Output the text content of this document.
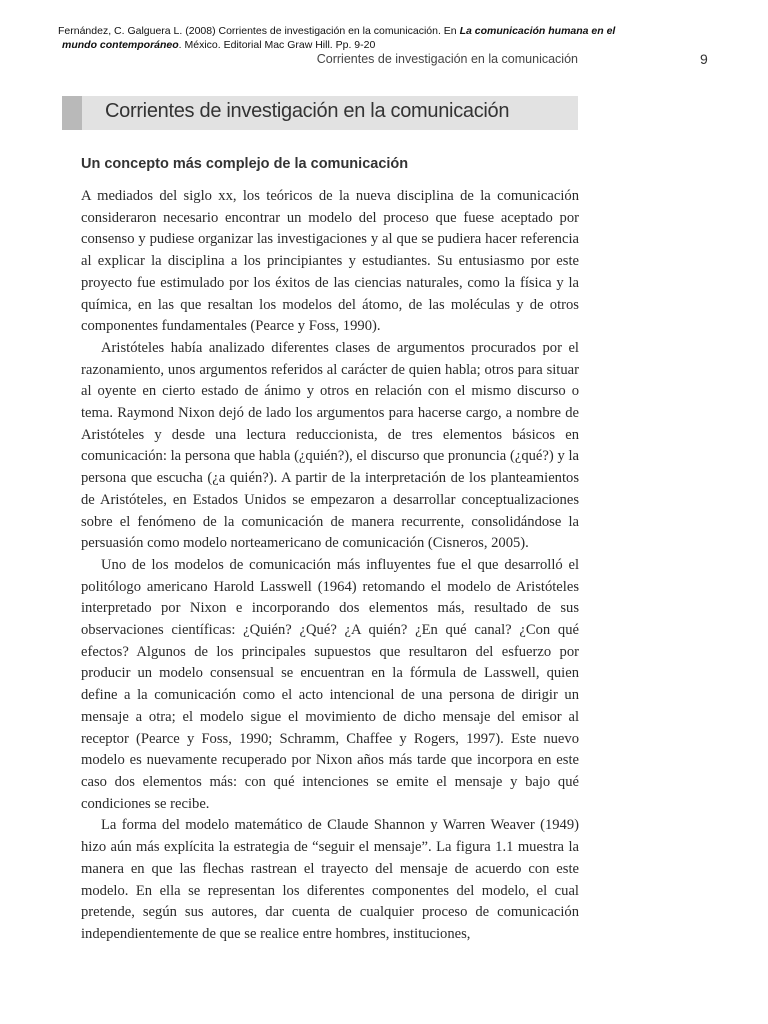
Fernández, C. Galguera L. (2008) Corrientes de investigación en la comunicación. En La comunicación humana en el
mundo contemporáneo. México. Editorial Mac Graw Hill. Pp. 9-20
Corrientes de investigación en la comunicación	9
Corrientes de investigación en la comunicación
Un concepto más complejo de la comunicación

A mediados del siglo xx, los teóricos de la nueva disciplina de la comunicación consideraron necesario encontrar un modelo del proceso que fuese aceptado por consenso y pudiese organizar las investigaciones y al que se pudiera hacer referencia al explicar la disciplina a los principiantes y estudiantes. Su entusiasmo por este proyecto fue estimulado por los éxitos de las ciencias naturales, como la física y la química, en las que resaltan los modelos del átomo, de las moléculas y de otros componentes fundamentales (Pearce y Foss, 1990).

Aristóteles había analizado diferentes clases de argumentos procurados por el razonamiento, unos argumentos referidos al carácter de quien habla; otros para situar al oyente en cierto estado de ánimo y otros en relación con el mismo discurso o tema. Raymond Nixon dejó de lado los argumentos para hacerse cargo, a nombre de Aristóteles y desde una lectura reduccionista, de tres elementos básicos en comunicación: la persona que habla (¿quién?), el discurso que pronuncia (¿qué?) y la persona que escucha (¿a quién?). A partir de la interpretación de los planteamientos de Aristóteles, en Estados Unidos se empezaron a desarrollar conceptualizaciones sobre el fenómeno de la comunicación de manera recurrente, consolidándose la persuasión como modelo norteamericano de comunicación (Cisneros, 2005).

Uno de los modelos de comunicación más influyentes fue el que desarrolló el politólogo americano Harold Lasswell (1964) retomando el modelo de Aristóteles interpretado por Nixon e incorporando dos elementos más, resultado de sus observaciones científicas: ¿Quién? ¿Qué? ¿A quién? ¿En qué canal? ¿Con qué efectos? Algunos de los principales supuestos que resultaron del esfuerzo por producir un modelo consensual se encuentran en la fórmula de Lasswell, quien define a la comunicación como el acto intencional de una persona de dirigir un mensaje a otra; el modelo sigue el movimiento de dicho mensaje del emisor al receptor (Pearce y Foss, 1990; Schramm, Chaffee y Rogers, 1997). Este nuevo modelo es nuevamente recuperado por Nixon años más tarde que incorpora en este caso dos elementos más: con qué intenciones se emite el mensaje y bajo qué condiciones se recibe.

La forma del modelo matemático de Claude Shannon y Warren Weaver (1949) hizo aún más explícita la estrategia de “seguir el mensaje”. La figura 1.1 muestra la manera en que las flechas rastrean el trayecto del mensaje de acuerdo con este modelo. En ella se representan los diferentes componentes del modelo, el cual pretende, según sus autores, dar cuenta de cualquier proceso de comunicación independientemente de que se realice entre hombres, instituciones,
